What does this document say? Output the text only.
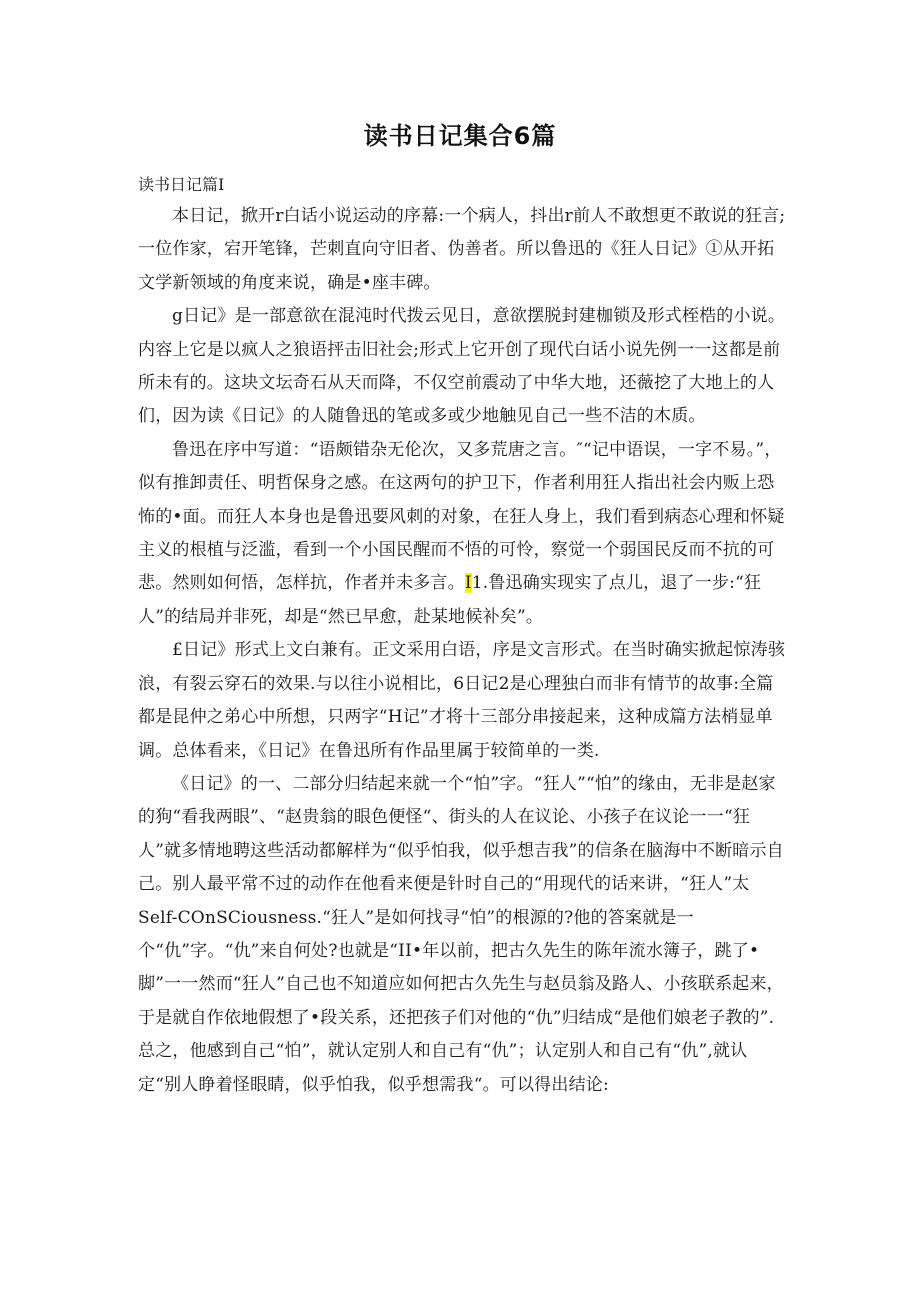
读书日记集合6篇
读书日记篇I

本日记，掀开r白话小说运动的序幕:一个病人，抖出r前人不敢想更不敢说的狂言;一位作家，宕开笔锋，芒刺直向守旧者、伪善者。所以鲁迅的《狂人日记》①从开拓文学新领域的角度来说，确是•座丰碑。

g日记》是一部意欲在混沌时代拨云见日，意欲摆脱封建枷锁及形式桎梏的小说。内容上它是以疯人之狼语抨击旧社会;形式上它开创了现代白话小说先例一一这都是前所未有的。这块文坛奇石从天而降，不仅空前震动了中华大地，还薇挖了大地上的人们，因为读《日记》的人随鲁迅的笔或多或少地触见自己一些不洁的木质。

鲁迅在序中写道：“语颇错杂无伦次，又多荒唐之言。″“记中语误，一字不易。”，似有推卸责任、明哲保身之感。在这两句的护卫下，作者利用狂人指出社会内贩上恐怖的•面。而狂人本身也是鲁迅要风刺的对象，在狂人身上，我们看到病态心理和怀疑主义的根植与泛滥，看到一个小国民醒而不悟的可怜，察觉一个弱国民反而不抗的可悲。然则如何悟，怎样抗，作者并未多言。I1.鲁迅确实现实了点儿，退了一步:“狂人”的结局并非死，却是“然已早愈，赴某地候补矣”。

£日记》形式上文白兼有。正文采用白语，序是文言形式。在当时确实掀起惊涛骇浪，有裂云穿石的效果.与以往小说相比，6日记2是心理独白而非有情节的故事:全篇都是昆仲之弟心中所想，只两字“H记”才将十三部分串接起来，这种成篇方法梢显单调。总体看来，《日记》在鲁迅所有作品里属于较简单的一类.

《日记》的一、二部分归结起来就一个“怕”字。“狂人”“怕”的缘由，无非是赵家的狗“看我两眼”、“赵贵翁的眼色便怪“、街头的人在议论、小孩子在议论一一“狂人”就多情地聘这些活动都解样为“似乎怕我，似乎想吉我”的信条在脑海中不断暗示自己。别人最平常不过的动作在他看来便是针时自己的“用现代的话来讲，“狂人”太Self-COnSCiousness.“狂人”是如何找寻“怕”的根源的?他的答案就是一个“仇”字。“仇”来自何处?也就是“II•年以前，把古久先生的陈年流水簿子，跳了•脚”一一然而“狂人”自己也不知道应如何把古久先生与赵员翁及路人、小孩联系起来，于是就自作依地假想了•段关系，还把孩子们对他的“仇”归结成“是他们娘老子教的”.总之，他感到自己“怕”，就认定别人和自己有“仇”；认定别人和自己有“仇”,就认定“别人睁着怪眼睛，似乎怕我，似乎想需我“。可以得出结论:
